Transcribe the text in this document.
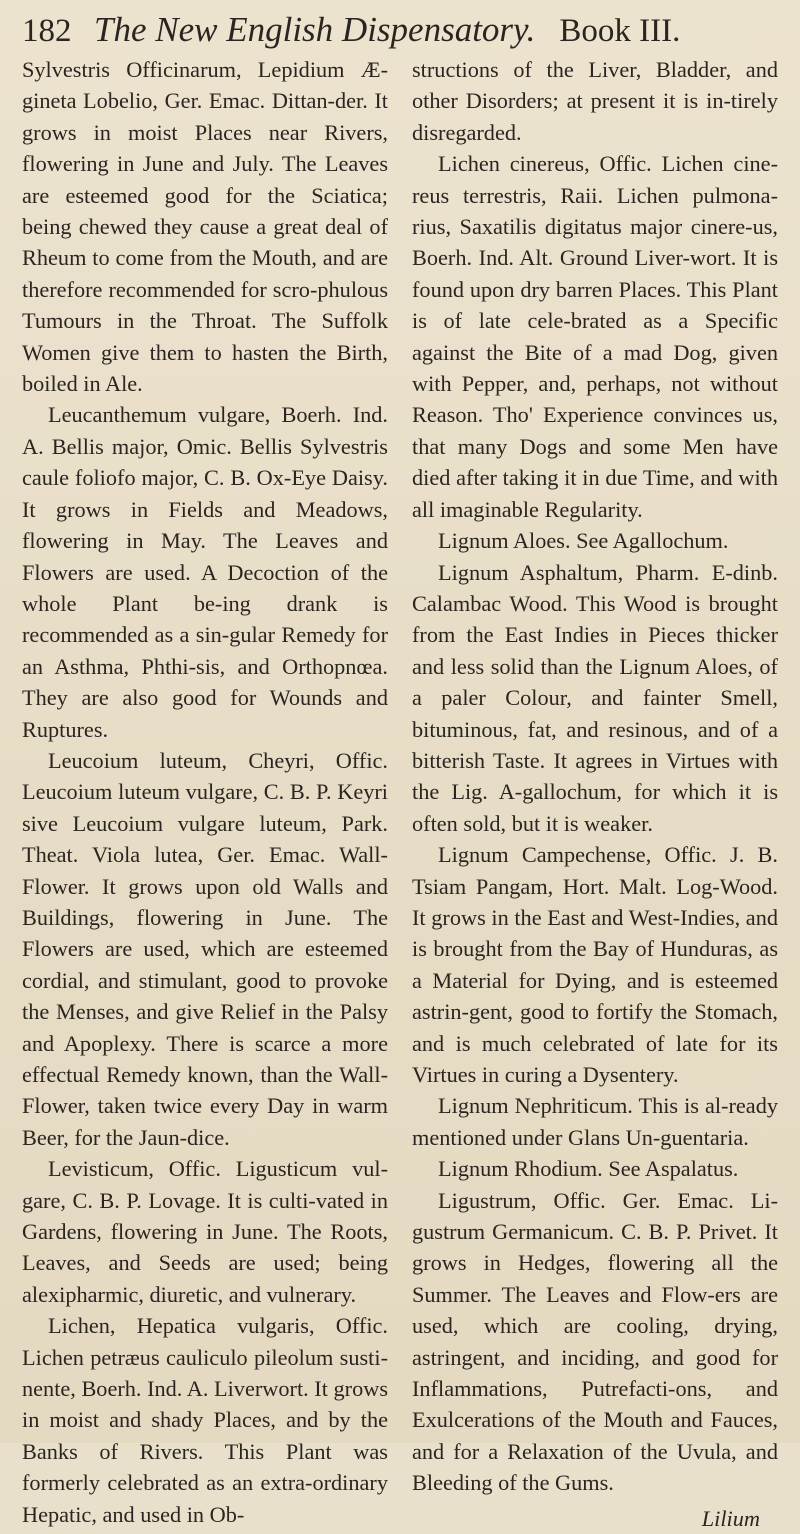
182 The New English Dispensatory. Book III.

Sylvestris Officinarum, Lepidium Æ-gineta Lobelio, Ger. Emac. Dittan-der. It grows in moist Places near Rivers, flowering in June and July. The Leaves are esteemed good for the Sciatica; being chewed they cause a great deal of Rheum to come from the Mouth, and are therefore recommended for scro-phulous Tumours in the Throat. The Suffolk Women give them to hasten the Birth, boiled in Ale.

Leucanthemum vulgare, Boerh. Ind. A. Bellis major, Omic. Bellis Sylvestris caule foliofo major, C. B. Ox-Eye Daisy. It grows in Fields and Meadows, flowering in May. The Leaves and Flowers are used. A Decoction of the whole Plant be-ing drank is recommended as a sin-gular Remedy for an Asthma, Phthi-sis, and Orthopnœa. They are also good for Wounds and Ruptures.

Leucoium luteum, Cheyri, Offic. Leucoium luteum vulgare, C. B. P. Keyri sive Leucoium vulgare luteum, Park. Theat. Viola lutea, Ger. Emac. Wall-Flower. It grows upon old Walls and Buildings, flowering in June. The Flowers are used, which are esteemed cordial, and stimulant, good to provoke the Menses, and give Relief in the Palsy and Apoplexy. There is scarce a more effectual Remedy known, than the Wall-Flower, taken twice every Day in warm Beer, for the Jaun-dice.

Levisticum, Offic. Ligusticum vul-gare, C. B. P. Lovage. It is culti-vated in Gardens, flowering in June. The Roots, Leaves, and Seeds are used; being alexipharmic, diuretic, and vulnerary.

Lichen, Hepatica vulgaris, Offic. Lichen petræus cauliculo pileolum susti-nente, Boerh. Ind. A. Liverwort. It grows in moist and shady Places, and by the Banks of Rivers. This Plant was formerly celebrated as an extra-ordinary Hepatic, and used in Ob-

structions of the Liver, Bladder, and other Disorders; at present it is in-tirely disregarded.

Lichen cinereus, Offic. Lichen cine-reus terrestris, Raii. Lichen pulmona-rius, Saxatilis digitatus major cinere-us, Boerh. Ind. Alt. Ground Liver-wort. It is found upon dry barren Places. This Plant is of late cele-brated as a Specific against the Bite of a mad Dog, given with Pepper, and, perhaps, not without Reason. Tho' Experience convinces us, that many Dogs and some Men have died after taking it in due Time, and with all imaginable Regularity.

Lignum Aloes. See Agallochum.

Lignum Asphaltum, Pharm. E-dinb. Calambac Wood. This Wood is brought from the East Indies in Pieces thicker and less solid than the Lignum Aloes, of a paler Colour, and fainter Smell, bituminous, fat, and resinous, and of a bitterish Taste. It agrees in Virtues with the Lig. A-gallochum, for which it is often sold, but it is weaker.

Lignum Campechense, Offic. J. B. Tsiam Pangam, Hort. Malt. Log-Wood. It grows in the East and West-Indies, and is brought from the Bay of Hunduras, as a Material for Dying, and is esteemed astrin-gent, good to fortify the Stomach, and is much celebrated of late for its Virtues in curing a Dysentery.

Lignum Nephriticum. This is al-ready mentioned under Glans Un-guentaria.

Lignum Rhodium. See Aspalatus.

Ligustrum, Offic. Ger. Emac. Li-gustrum Germanicum. C. B. P. Privet. It grows in Hedges, flowering all the Summer. The Leaves and Flow-ers are used, which are cooling, drying, astringent, and inciding, and good for Inflammations, Putrefacti-ons, and Exulcerations of the Mouth and Fauces, and for a Relaxation of the Uvula, and Bleeding of the Gums.

Lilium
